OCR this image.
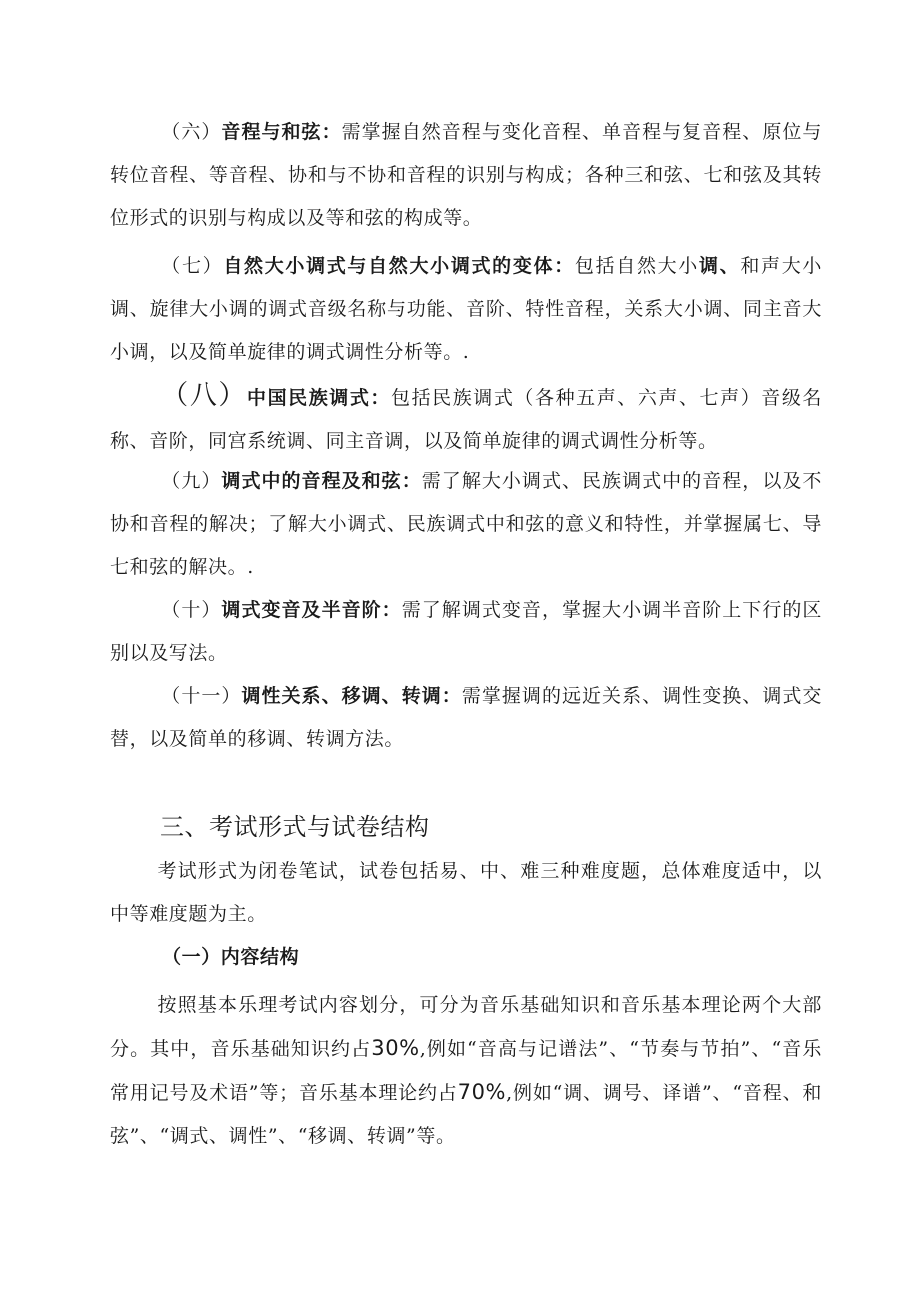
（六）音程与和弦：需掌握自然音程与变化音程、单音程与复音程、原位与转位音程、等音程、协和与不协和音程的识别与构成；各种三和弦、七和弦及其转位形式的识别与构成以及等和弦的构成等。

（七）自然大小调式与自然大小调式的变体：包括自然大小调、和声大小调、旋律大小调的调式音级名称与功能、音阶、特性音程，关系大小调、同主音大小调，以及简单旋律的调式调性分析等。.

（八）中国民族调式：包括民族调式（各种五声、六声、七声）音级名称、音阶，同宫系统调、同主音调，以及简单旋律的调式调性分析等。

（九）调式中的音程及和弦：需了解大小调式、民族调式中的音程，以及不协和音程的解决；了解大小调式、民族调式中和弦的意义和特性，并掌握属七、导七和弦的解决。.

（十）调式变音及半音阶：需了解调式变音，掌握大小调半音阶上下行的区别以及写法。

（十一）调性关系、移调、转调：需掌握调的远近关系、调性变换、调式交替，以及简单的移调、转调方法。

三、考试形式与试卷结构

考试形式为闭卷笔试，试卷包括易、中、难三种难度题，总体难度适中，以中等难度题为主。

（一）内容结构

按照基本乐理考试内容划分，可分为音乐基础知识和音乐基本理论两个大部分。其中，音乐基础知识约占30%,例如“音高与记谱法”、“节奏与节拍”、“音乐常用记号及术语”等；音乐基本理论约占70%,例如“调、调号、译谱”、“音程、和弦”、“调式、调性”、“移调、转调”等。
